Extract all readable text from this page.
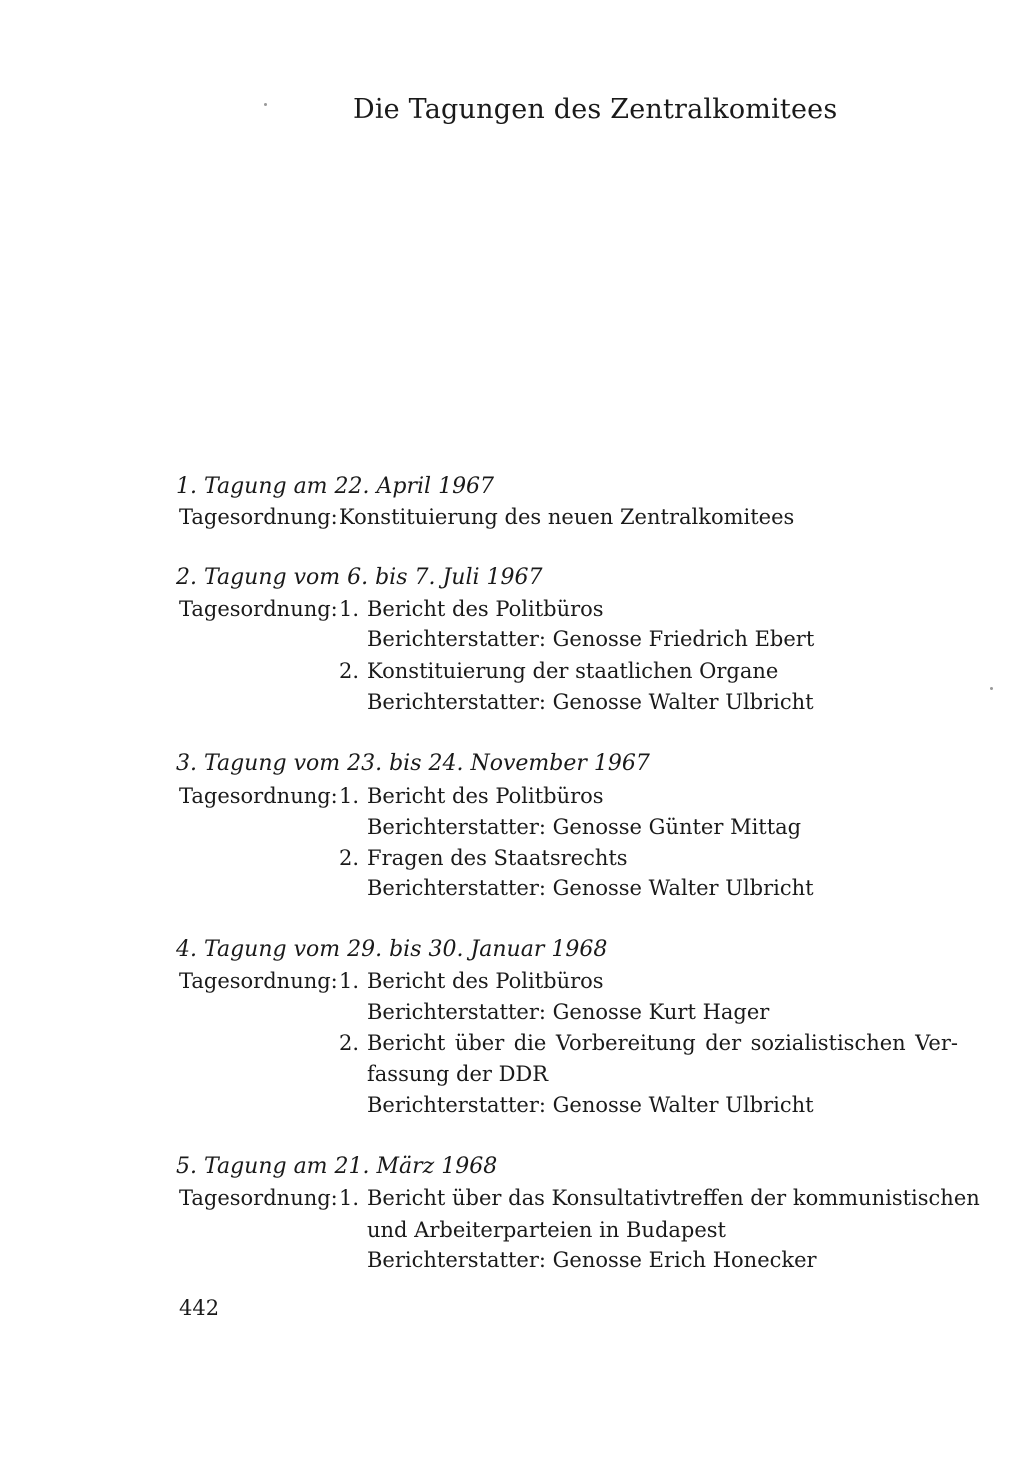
Die Tagungen des Zentralkomitees
1. Tagung am 22. April 1967
Tagesordnung: Konstituierung des neuen Zentralkomitees
2. Tagung vom 6. bis 7. Juli 1967
Tagesordnung: 1. Bericht des Politbüros
Berichterstatter: Genosse Friedrich Ebert
2. Konstituierung der staatlichen Organe
Berichterstatter: Genosse Walter Ulbricht
3. Tagung vom 23. bis 24. November 1967
Tagesordnung: 1. Bericht des Politbüros
Berichterstatter: Genosse Günter Mittag
2. Fragen des Staatsrechts
Berichterstatter: Genosse Walter Ulbricht
4. Tagung vom 29. bis 30. Januar 1968
Tagesordnung: 1. Bericht des Politbüros
Berichterstatter: Genosse Kurt Hager
2. Bericht über die Vorbereitung der sozialistischen Ver-
fassung der DDR
Berichterstatter: Genosse Walter Ulbricht
5. Tagung am 21. März 1968
Tagesordnung: 1. Bericht über das Konsultativtreffen der kommunistischen
und Arbeiterparteien in Budapest
Berichterstatter: Genosse Erich Honecker
442
